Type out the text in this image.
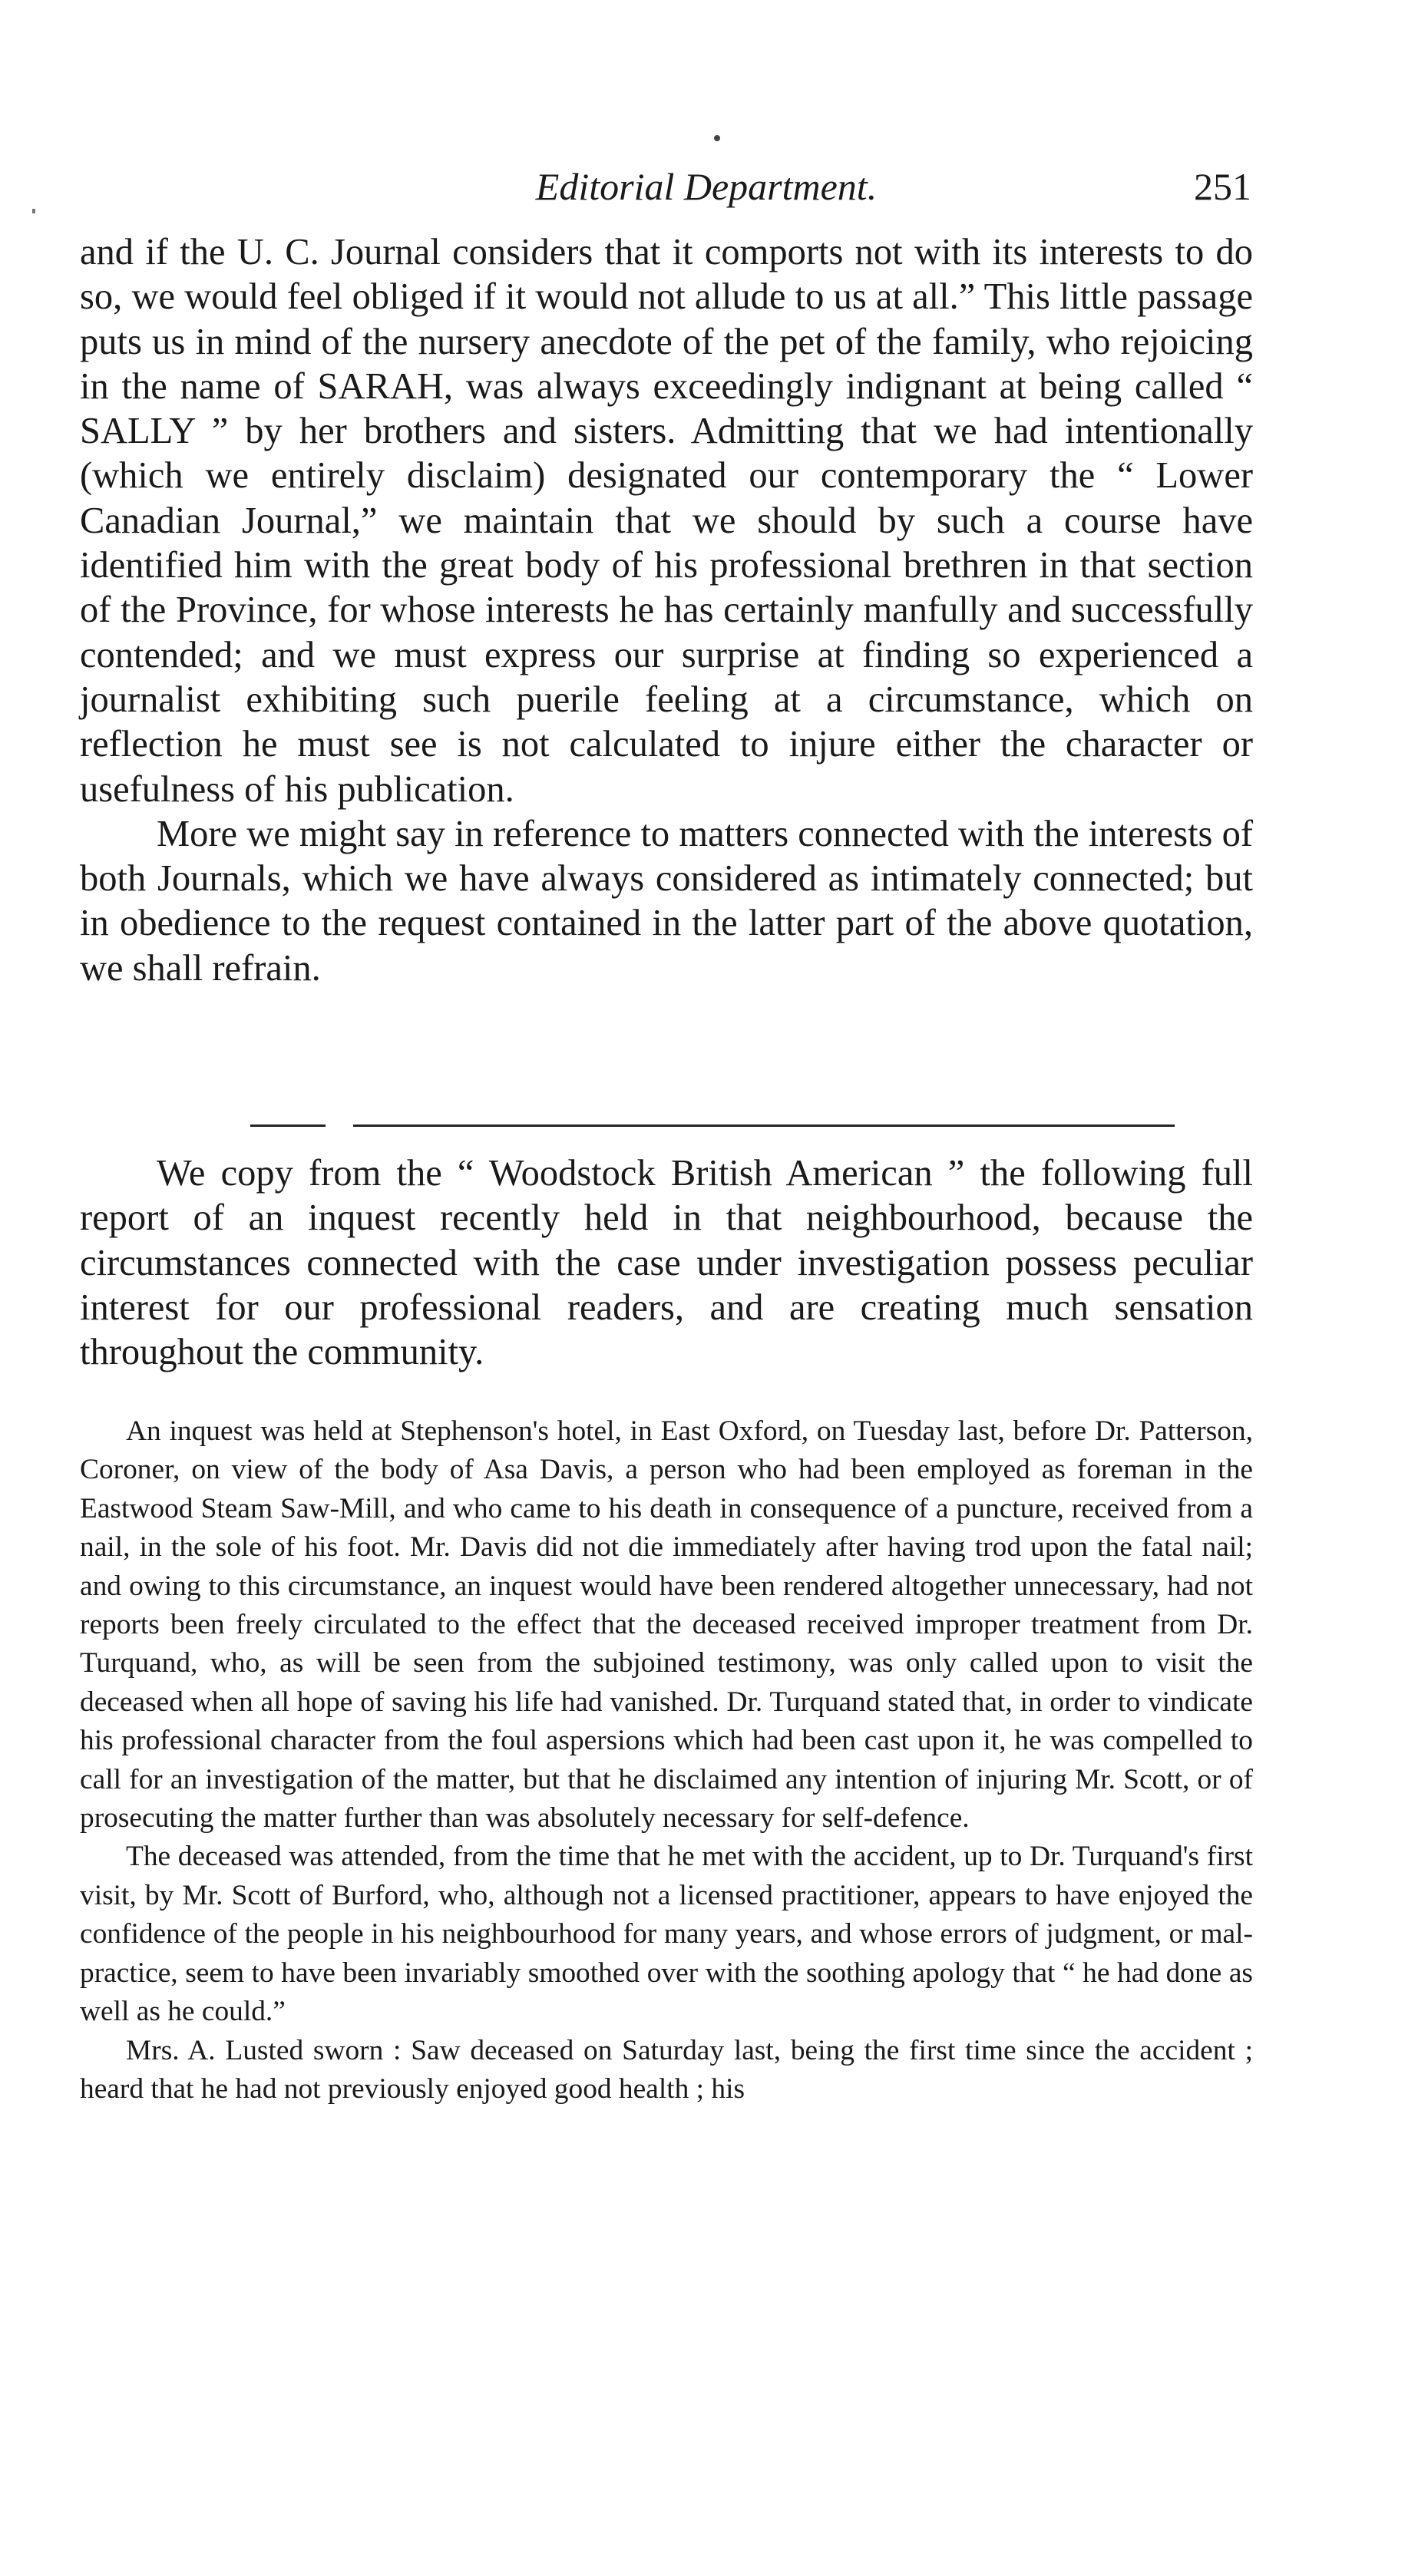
Editorial Department.	251

and if the U. C. Journal considers that it comports not with its interests to do so, we would feel obliged if it would not allude to us at all.” This little passage puts us in mind of the nursery anecdote of the pet of the family, who rejoicing in the name of SARAH, was always exceedingly indignant at being called “ SALLY ” by her brothers and sisters. Admitting that we had intentionally (which we entirely disclaim) designated our contemporary the “ Lower Canadian Journal,” we maintain that we should by such a course have identified him with the great body of his professional brethren in that section of the Province, for whose interests he has certainly manfully and successfully contended; and we must express our surprise at finding so experienced a journalist exhibiting such puerile feeling at a circumstance, which on reflection he must see is not calculated to injure either the character or usefulness of his publication.

More we might say in reference to matters connected with the interests of both Journals, which we have always considered as intimately connected; but in obedience to the request contained in the latter part of the above quotation, we shall refrain.

We copy from the “ Woodstock British American ” the following full report of an inquest recently held in that neighbourhood, because the circumstances connected with the case under investigation possess peculiar interest for our professional readers, and are creating much sensation throughout the community.

An inquest was held at Stephenson's hotel, in East Oxford, on Tuesday last, before Dr. Patterson, Coroner, on view of the body of Asa Davis, a person who had been employed as foreman in the Eastwood Steam Saw-Mill, and who came to his death in consequence of a puncture, received from a nail, in the sole of his foot. Mr. Davis did not die immediately after having trod upon the fatal nail; and owing to this circumstance, an inquest would have been rendered altogether unnecessary, had not reports been freely circulated to the effect that the deceased received improper treatment from Dr. Turquand, who, as will be seen from the subjoined testimony, was only called upon to visit the deceased when all hope of saving his life had vanished. Dr. Turquand stated that, in order to vindicate his professional character from the foul aspersions which had been cast upon it, he was compelled to call for an investigation of the matter, but that he disclaimed any intention of injuring Mr. Scott, or of prosecuting the matter further than was absolutely necessary for self-defence.

The deceased was attended, from the time that he met with the accident, up to Dr. Turquand's first visit, by Mr. Scott of Burford, who, although not a licensed practitioner, appears to have enjoyed the confidence of the people in his neighbourhood for many years, and whose errors of judgment, or mal-practice, seem to have been invariably smoothed over with the soothing apology that “ he had done as well as he could.”

Mrs. A. Lusted sworn : Saw deceased on Saturday last, being the first time since the accident ; heard that he had not previously enjoyed good health ; his
